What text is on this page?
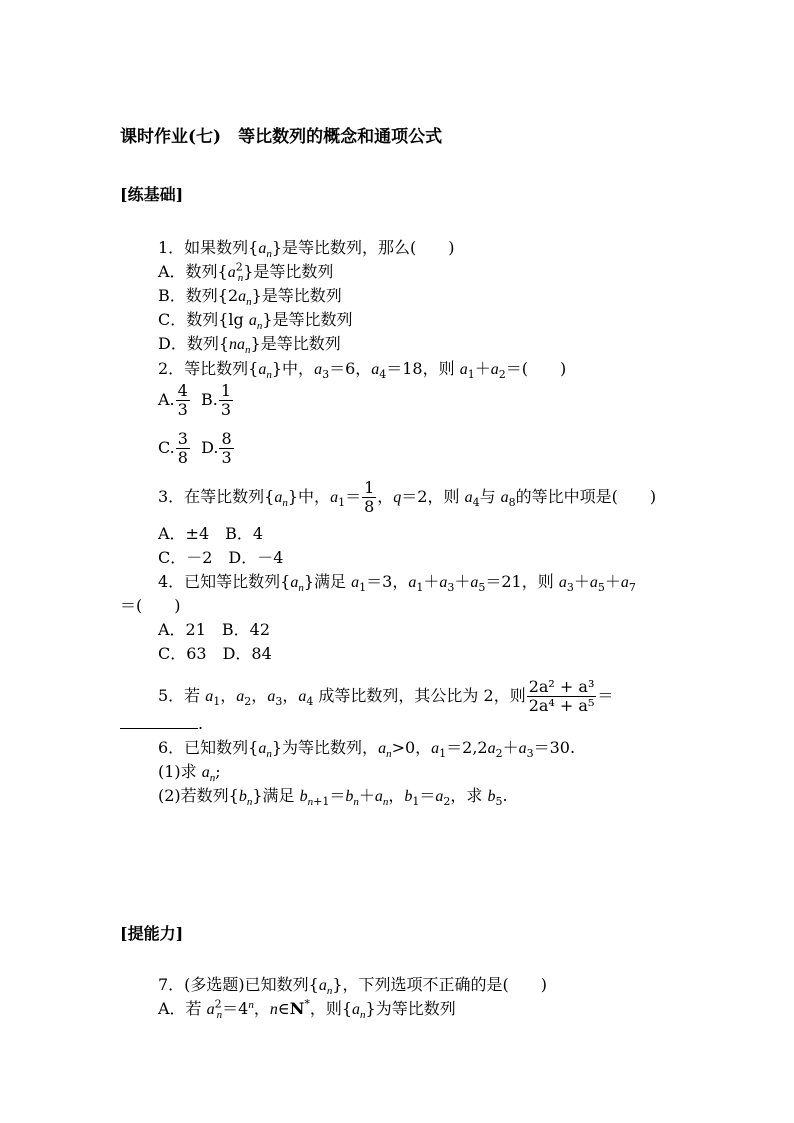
课时作业(七)　等比数列的概念和通项公式
[练基础]
1．如果数列$\{a_n\}$是等比数列，那么(　　)
A．数列$\{a^2_n\}$是等比数列
B．数列$\{2a_n\}$是等比数列
C．数列{lg $a_n$}是等比数列
D．数列$\{na_n\}$是等比数列
2．等比数列$\{a_n\}$中，$a_3=6$，$a_4=18$，则 $a_1+a_2=$(　　)
A. $\frac{4}{3} B$. $\frac{1}{3}$
C. $\frac{3}{8} D$. $\frac{8}{3}$
3．在等比数列$\{a_n\}$中，$a_1= \frac{1}{8}$ ，q＝2，则 $a_4$与 $a_8$的等比中项是(　　)
A．±4　B．4
C．－2　D．－4
4．已知等比数列$\{a_n\}$满足 $a_1=3$，$a_1+a_3+a_5=21$，则 $a_3+a_5+a_7$
＝(　　)
A．21　B．42
C．63　D．84
5．若 $a_1$，$a_2$，$a_3$，$a_4$ 成等比数列，其公比为 2，则 $\frac{\text{2a² + a³}}{\text{2a⁴ + a⁵}}$ ＝
.
6．已知数列$\{a_n\}$为等比数列，$a_n>0$，$a_1=2,2a_2+a_3=30$.
(1)求 $a_n$;
(2)若数列$\{b_n\}$满足 $b_{n+1}=b_n+a_n$，$b_1=a_2$，求 $b_5$.
[提能力]
7．(多选题)已知数列$\{a_n\}$，下列选项不正确的是(　　)
A．若 $a^2_n=4^n$，n∈N*，则$\{a_n\}$为等比数列
